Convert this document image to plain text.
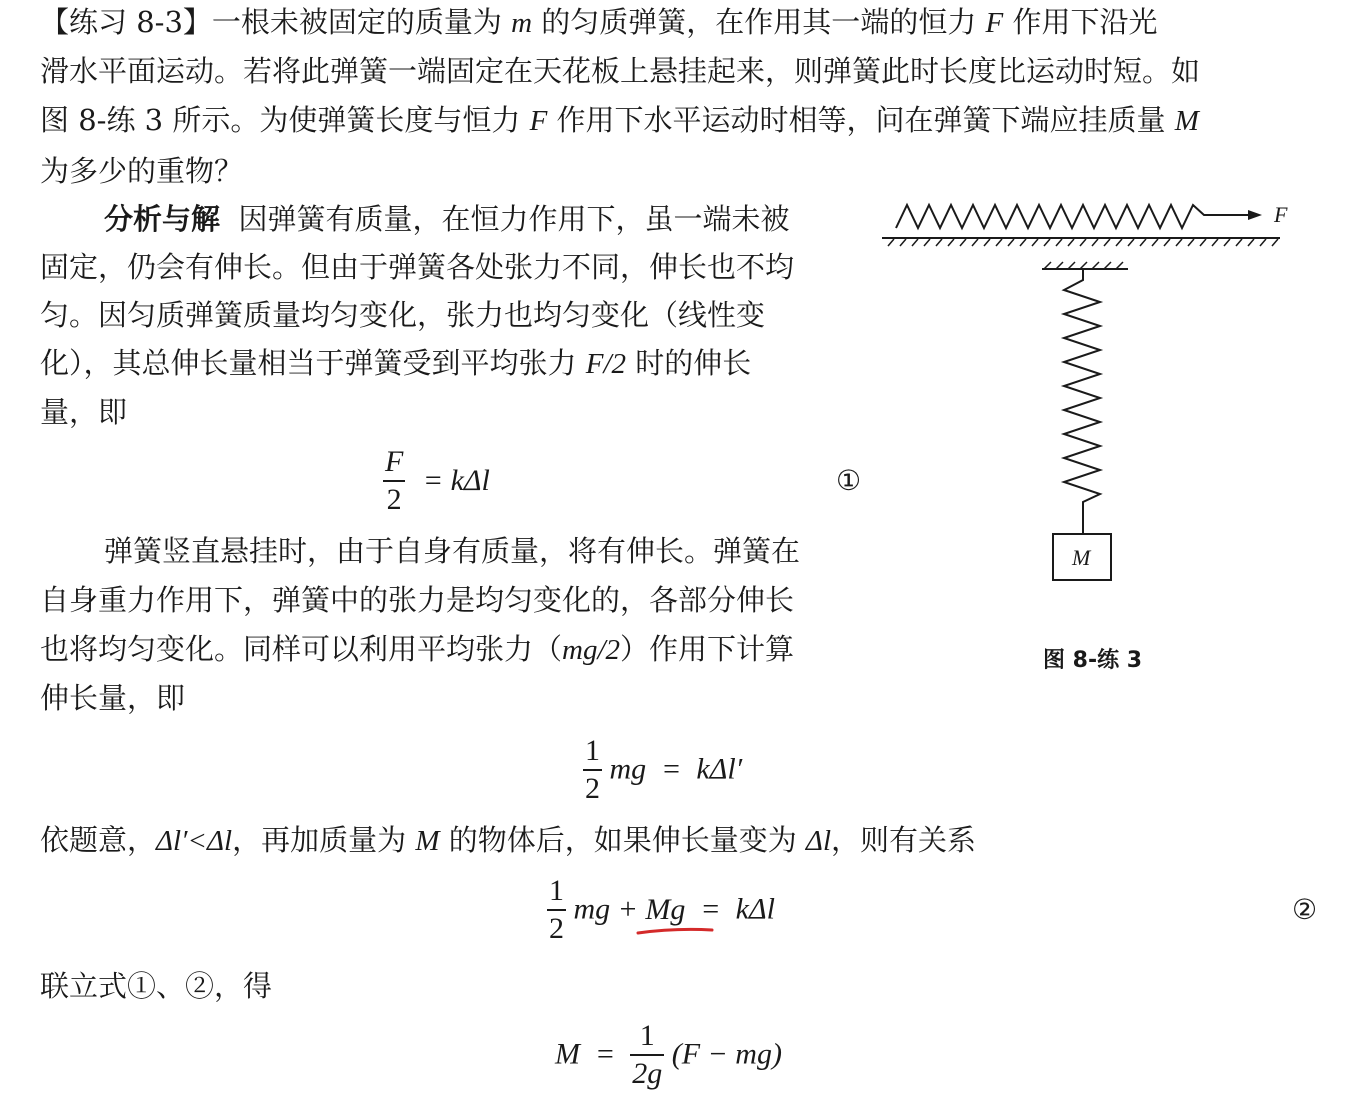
【练习 8-3】一根未被固定的质量为 m 的匀质弹簧，在作用其一端的恒力 F 作用下沿光
滑水平面运动。若将此弹簧一端固定在天花板上悬挂起来，则弹簧此时长度比运动时短。如
图 8-练 3 所示。为使弹簧长度与恒力 F 作用下水平运动时相等，问在弹簧下端应挂质量 M
为多少的重物？
分析与解 因弹簧有质量，在恒力作用下，虽一端未被
固定，仍会有伸长。但由于弹簧各处张力不同，伸长也不均
匀。因匀质弹簧质量均匀变化，张力也均匀变化（线性变
化），其总伸长量相当于弹簧受到平均张力 F/2 时的伸长
量，即
$\frac{F}{2} = k\Delta l$	①
弹簧竖直悬挂时，由于自身有质量，将有伸长。弹簧在
自身重力作用下，弹簧中的张力是均匀变化的，各部分伸长
也将均匀变化。同样可以利用平均张力（mg/2）作用下计算
伸长量，即
$\frac{1}{2}$ mg  =  kΔl′
依题意，Δl′<Δl，再加质量为 M 的物体后，如果伸长量变为 Δl，则有关系
$\frac{1}{2}$ mg + Mg
=  kΔl	②
联立式①、②，得
$M = \frac{1}{2g} (F - mg)$
F
M
图 8-练 3
